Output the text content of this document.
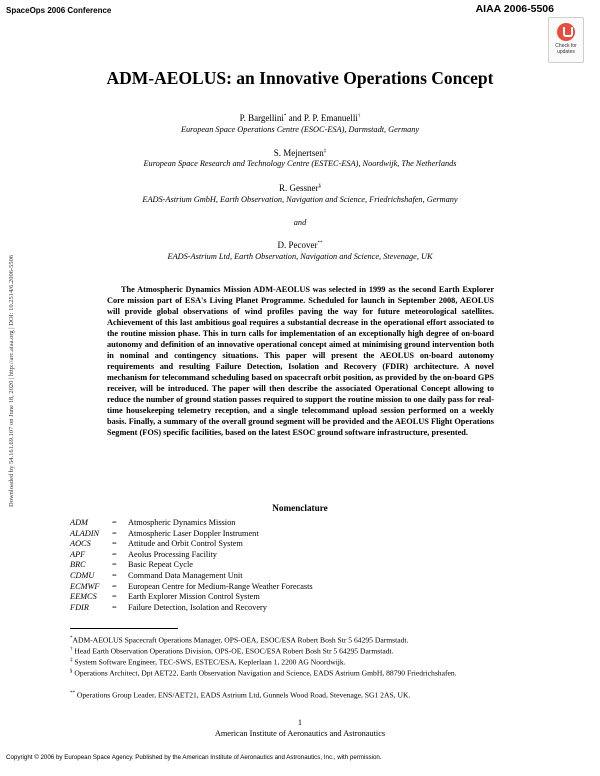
SpaceOps 2006 Conference	AIAA 2006-5506
Check for
updates
Downloaded by 54.161.69.107 on June 18, 2020 | http://arc.aiaa.org | DOI: 10.2514/6.2006-5506
ADM-AEOLUS: an Innovative Operations Concept
P. Bargellini* and P. P. Emanuelli†
European Space Operations Centre (ESOC-ESA), Darmstadt, Germany
S. Mejnertsen‡
European Space Research and Technology Centre (ESTEC-ESA), Noordwijk, The Netherlands
R. Gessner§
EADS-Astrium GmbH, Earth Observation, Navigation and Science, Friedrichshafen, Germany
and
D. Pecover**
EADS-Astrium Ltd, Earth Observation, Navigation and Science, Stevenage, UK

The Atmospheric Dynamics Mission ADM-AEOLUS was selected in 1999 as the second Earth Explorer Core mission part of ESA's Living Planet Programme. Scheduled for launch in September 2008, AEOLUS will provide global observations of wind profiles paving the way for future meteorological satellites. Achievement of this last ambitious goal requires a substantial decrease in the operational effort associated to the routine mission phase. This in turn calls for implementation of an exceptionally high degree of on-board autonomy and definition of an innovative operational concept aimed at minimising ground intervention both in nominal and contingency situations. This paper will present the AEOLUS on-board autonomy requirements and resulting Failure Detection, Isolation and Recovery (FDIR) architecture. A novel mechanism for telecommand scheduling based on spacecraft orbit position, as provided by the on-board GPS receiver, will be introduced. The paper will then describe the associated Operational Concept allowing to reduce the number of ground station passes required to support the routine mission to one daily pass for real-time housekeeping telemetry reception, and a single telecommand upload session performed on a weekly basis. Finally, a summary of the overall ground segment will be provided and the AEOLUS Flight Operations Segment (FOS) specific facilities, based on the latest ESOC ground software infrastructure, presented.

Nomenclature
ADM	= Atmospheric Dynamics Mission
ALADIN = Atmospheric Laser Doppler Instrument
AOCS	= Attitude and Orbit Control System
APF	= Aeolus Processing Facility
BRC	= Basic Repeat Cycle
CDMU = Command Data Management Unit
ECMWF = European Centre for Medium-Range Weather Forecasts
EEMCS = Earth Explorer Mission Control System
FDIR	= Failure Detection, Isolation and Recovery
*ADM-AEOLUS Spacecraft Operations Manager, OPS-OEA, ESOC/ESA Robert Bosh Str 5 64295 Darmstadt.
† Head Earth Observation Operations Division, OPS-OE, ESOC/ESA Robert Bosh Str 5 64295 Darmstadt.
‡ System Software Engineer, TEC-SWS, ESTEC/ESA, Keplerlaan 1, 2200 AG Noordwijk.
§ Operations Architect, Dpt AET22, Earth Observation Navigation and Science, EADS Astrium GmbH, 88790 Friedrichshafen.
** Operations Group Leader, ENS/AET21, EADS Astrium Ltd, Gunnels Wood Road, Stevenage, SG1 2AS, UK.
1
American Institute of Aeronautics and Astronautics
Copyright © 2006 by European Space Agency. Published by the American Institute of Aeronautics and Astronautics, Inc., with permission.
